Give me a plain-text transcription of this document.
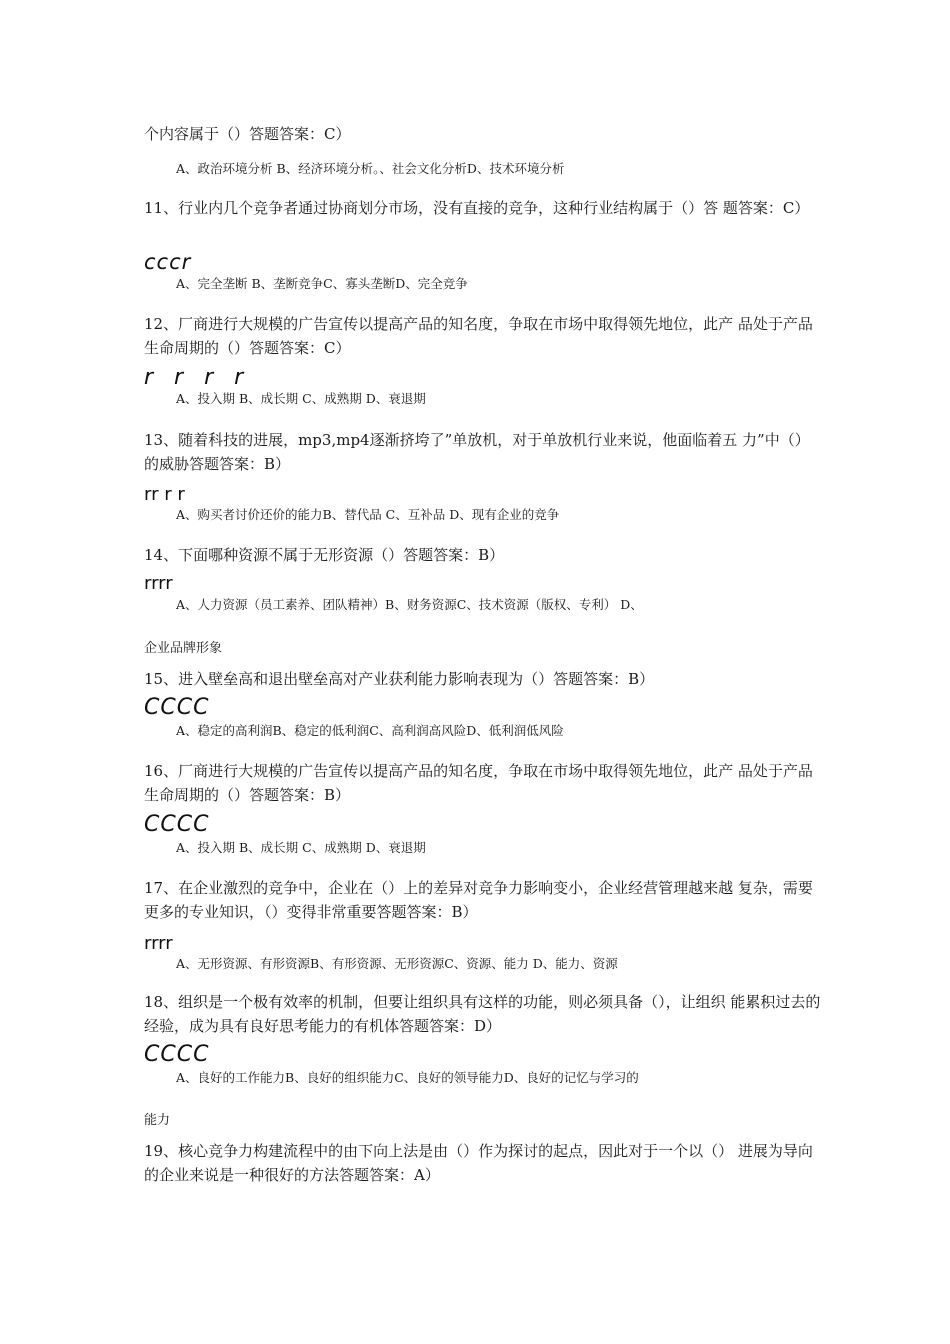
个内容属于（）答题答案：C）

A、政治环境分析 B、经济环境分析。、社会文化分析D、技术环境分析

11、行业内几个竞争者通过协商划分市场，没有直接的竞争，这种行业结构属于（）答 题答案：C）

cccr

A、完全垄断 B、垄断竞争C、寡头垄断D、完全竞争

12、厂商进行大规模的广告宣传以提高产品的知名度，争取在市场中取得领先地位，此产 品处于产品生命周期的（）答题答案：C）

r r r r

A、投入期 B、成长期 C、成熟期 D、衰退期

13、随着科技的进展，mp3,mp4逐渐挤垮了”单放机，对于单放机行业来说，他面临着五 力”中（）的威胁答题答案：B）

rr r r

A、购买者讨价还价的能力B、替代品 C、互补品 D、现有企业的竞争

14、下面哪种资源不属于无形资源（）答题答案：B）

rrrr

A、人力资源（员工素养、团队精神）B、财务资源C、技术资源（版权、专利） D、

企业品牌形象

15、进入壁垒高和退出壁垒高对产业获利能力影响表现为（）答题答案：B）

CCCC

A、稳定的高利润B、稳定的低利润C、高利润高风险D、低利润低风险

16、厂商进行大规模的广告宣传以提高产品的知名度，争取在市场中取得领先地位，此产 品处于产品生命周期的（）答题答案：B）

CCCC

A、投入期 B、成长期 C、成熟期 D、衰退期

17、在企业激烈的竞争中，企业在（）上的差异对竞争力影响变小，企业经营管理越来越 复杂，需要更多的专业知识，（）变得非常重要答题答案：B）

rrrr

A、无形资源、有形资源B、有形资源、无形资源C、资源、能力 D、能力、资源

18、组织是一个极有效率的机制，但要让组织具有这样的功能，则必须具备（），让组织 能累积过去的经验，成为具有良好思考能力的有机体答题答案：D）

CCCC

A、良好的工作能力B、良好的组织能力C、良好的领导能力D、良好的记忆与学习的

能力

19、核心竞争力构建流程中的由下向上法是由（）作为探讨的起点，因此对于一个以（） 进展为导向的企业来说是一种很好的方法答题答案：A）
